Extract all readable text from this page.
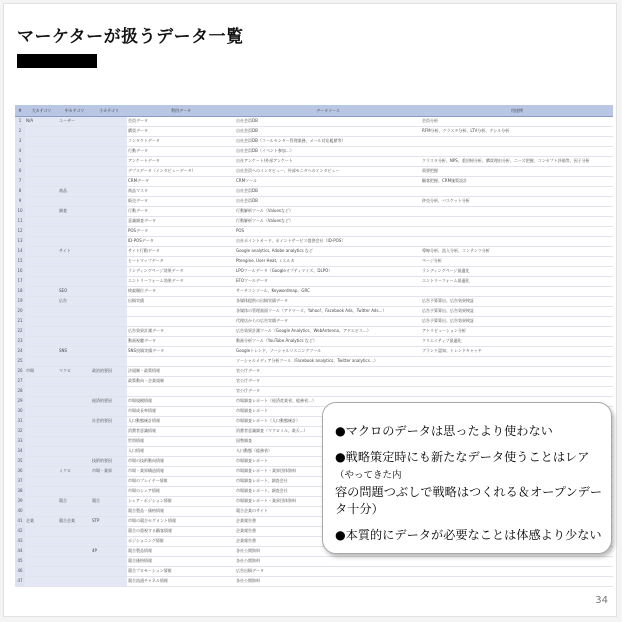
マーケターが扱うデータ一覧
#	大カテゴリ	中カテゴリ	小カテゴリ	利用データ	データソース	用途例
1	N/A	ユーザー		会員データ	自社会員DB	会員分析
2				購買データ	自社会員DB	RFM分析、クラスタ分析、LTV分析、デシル分析
3				コンタクトデータ	自社会員DB（コールセンター管理業務、メール対応履歴等）	
4				行動データ	自社会員DB（イベント参加…）	
5				アンケートデータ	自社アンケート/外部アンケート	クラスタ分析、NPS、重回帰分析、購買理由分析、ニーズ把握、コンセプト評価等、因子分析
6				デプスデータ（インタビューデータ）	自社会員へのインタビュー、外部モニタへのインタビュー	需要把握
7				CRMデータ	CRMツール	顧客把握、CRM施策設計
8		商品		商品マスタ	自社会員DB	
9				販売データ	自社会員DB	併売分析、バスケット分析
10		調査		行動データ	行動解析ツール（Valuesなど）	
11				意識調査データ	行動解析ツール（Valuesなど）	
12				POSデータ	POS	
13				ID-POSデータ	自社ポイントカード、ポイントサービス提供会社（ID-POS）	
14		サイト		サイト行動データ	Google analytics, Adobe analytics など	導線分析、流入分析、コンテンツ分析
15				ヒートマップデータ	Ptengine, User Heat, ミエルカ	ページ分析
16				ランディングページ効果データ	LPOツールデータ（Googleオプティマイズ、DLPO）	ランディングページ最適化
17				エントリーフォーム効果データ	EFOツールデータ	エントリーフォーム最適化
18		SEO		検索順位データ	サーチコンソール、Keywordmap、GRC	
19		広告		出稿実績	各媒体提供の出稿実績データ	広告予算算出、広告効果検証
20					各媒体の管理画面ツール（アドワーズ、Yahoo!、Facebook Ads、Twitter Ads…）	広告予算算出、広告効果検証
21					代理店からの広告実績データ	広告予算算出、広告効果検証
22				広告効果計測データ	広告効果計測ツール（Google Analytics、WebAntenna、アドエビス…）	アトリビューション分析
23				動画視聴データ	動画分析ツール（YouTube Analytics など）	クリエイティブ最適化
24		SNS		SNS投稿実績データ	Googleトレンド、ソーシャルリスニングツール	ブランド認知、トレンドキャッチ
25					ソーシャルメディア分析ツール（Facebook analytics、Twitter analytics…）	
26	市場	マクロ	政治的要因	法規制・政策情報	官公庁データ	
27				政策動向・企業規制	官公庁データ	
28					官公庁データ	
29			経済的要因	市場規模情報	市場調査レポート（経済産業省、総務省…）	
30				市場成長率情報	市場調査レポート	
31			社会的要因	人口動態統計情報	市場調査レポート（人口動態統計）	
32				消費者意識情報	消費者意識調査（マクロミル、楽天…）	
33				世帯情報	国勢調査	
34				人口情報	人口動態（総務省）	
35			技術的要因	市場の技術動向情報	市場調査レポート	
36		ミクロ	市場・業界	市場・業界構造情報	市場調査レポート・業界団体資料	
37				市場のプレイヤー情報	市場調査レポート、調査会社	
38				市場のシェア情報	市場調査レポート、調査会社	
39		競合	競合	シェア・ポジション情報	市場調査レポート・業界団体資料	
40				競合製品・価格情報	競合企業のサイト	
41	企業	競合企業	STP	市場の競合セグメント情報	企業報告書	
42				競合の重視する顧客情報	企業報告書	
43				ポジショニング情報	企業報告書	
44			4P	競合製品情報	各社公開資料	
45				競合価格情報	各社公開資料	
46				競合プロモーション情報	広告出稿データ	
47				競合流通チャネル情報	各社公開資料	
●マクロのデータは思ったより使わない
●戦略策定時にも新たなデータ使うことはレア（やってきた内
容の問題つぶしで戦略はつくれる＆オープンデータ十分）
●本質的にデータが必要なことは体感より少ない
34
